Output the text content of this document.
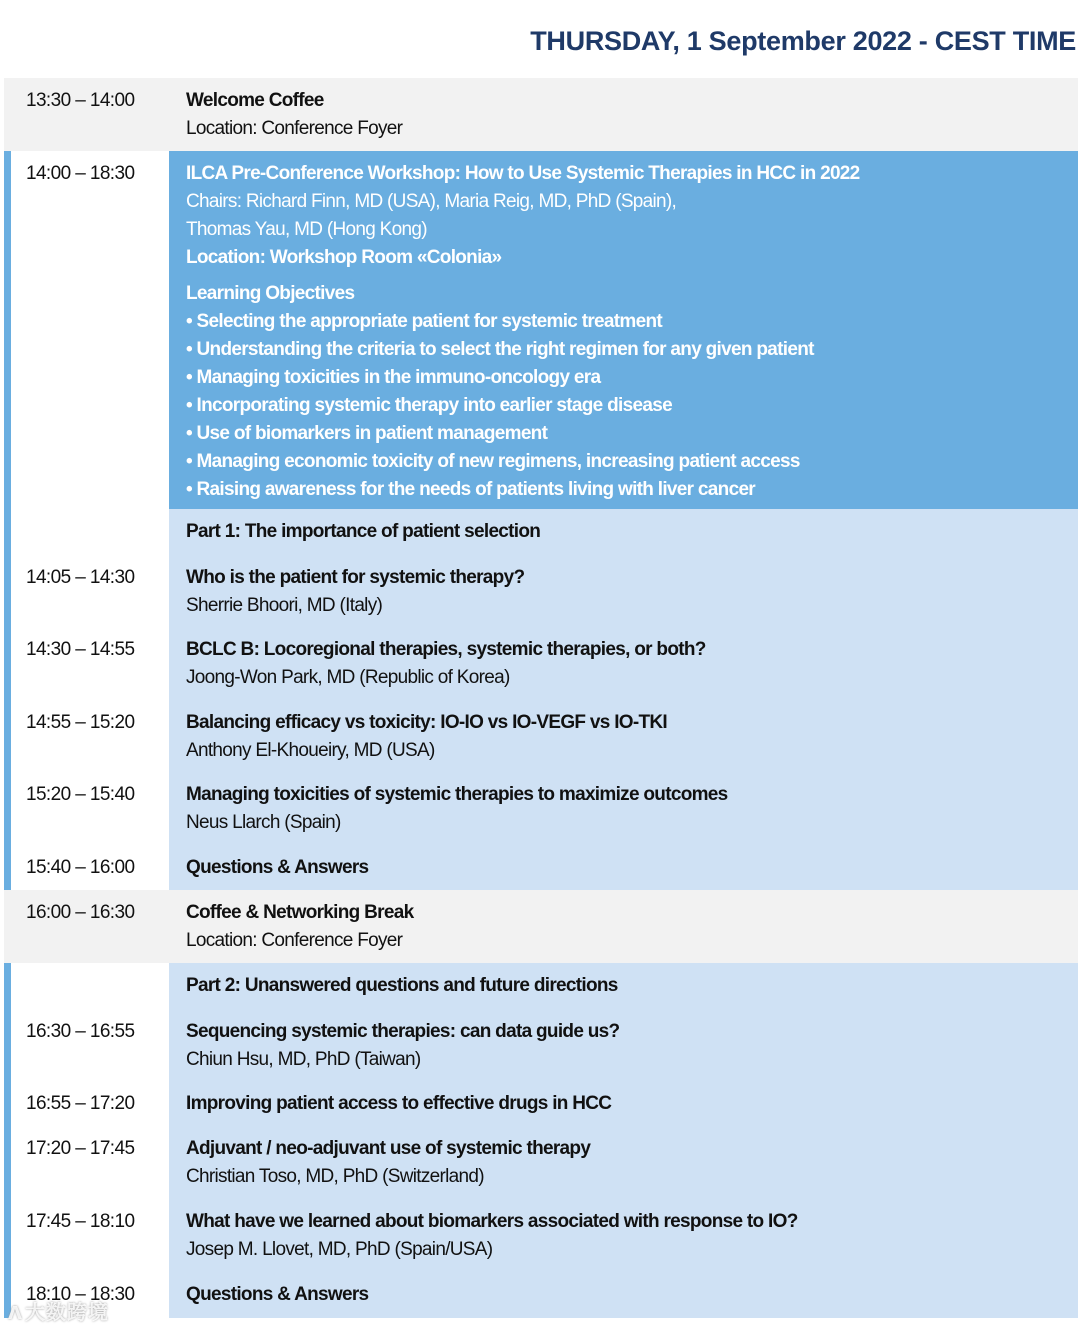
THURSDAY, 1 September 2022 - CEST TIME
13:30 – 14:00	Welcome Coffee
Location: Conference Foyer
14:00 – 18:30	ILCA Pre-Conference Workshop: How to Use Systemic Therapies in HCC in 2022
Chairs: Richard Finn, MD (USA), Maria Reig, MD, PhD (Spain),
Thomas Yau, MD (Hong Kong)
Location: Workshop Room «Colonia»
Learning Objectives
• Selecting the appropriate patient for systemic treatment
• Understanding the criteria to select the right regimen for any given patient
• Managing toxicities in the immuno-oncology era
• Incorporating systemic therapy into earlier stage disease
• Use of biomarkers in patient management
• Managing economic toxicity of new regimens, increasing patient access
• Raising awareness for the needs of patients living with liver cancer
Part 1: The importance of patient selection
14:05 – 14:30	Who is the patient for systemic therapy?
Sherrie Bhoori, MD (Italy)
14:30 – 14:55	BCLC B: Locoregional therapies, systemic therapies, or both?
Joong-Won Park, MD (Republic of Korea)
14:55 – 15:20	Balancing efficacy vs toxicity: IO-IO vs IO-VEGF vs IO-TKI
Anthony El-Khoueiry, MD (USA)
15:20 – 15:40	Managing toxicities of systemic therapies to maximize outcomes
Neus Llarch (Spain)
15:40 – 16:00	Questions & Answers
16:00 – 16:30	Coffee & Networking Break
Location: Conference Foyer
Part 2: Unanswered questions and future directions
16:30 – 16:55	Sequencing systemic therapies: can data guide us?
Chiun Hsu, MD, PhD (Taiwan)
16:55 – 17:20	Improving patient access to effective drugs in HCC
17:20 – 17:45	Adjuvant / neo-adjuvant use of systemic therapy
Christian Toso, MD, PhD (Switzerland)
17:45 – 18:10	What have we learned about biomarkers associated with response to IO?
Josep M. Llovet, MD, PhD (Spain/USA)
18:10 – 18:30	Questions & Answers
ᐱ 大数跨境
